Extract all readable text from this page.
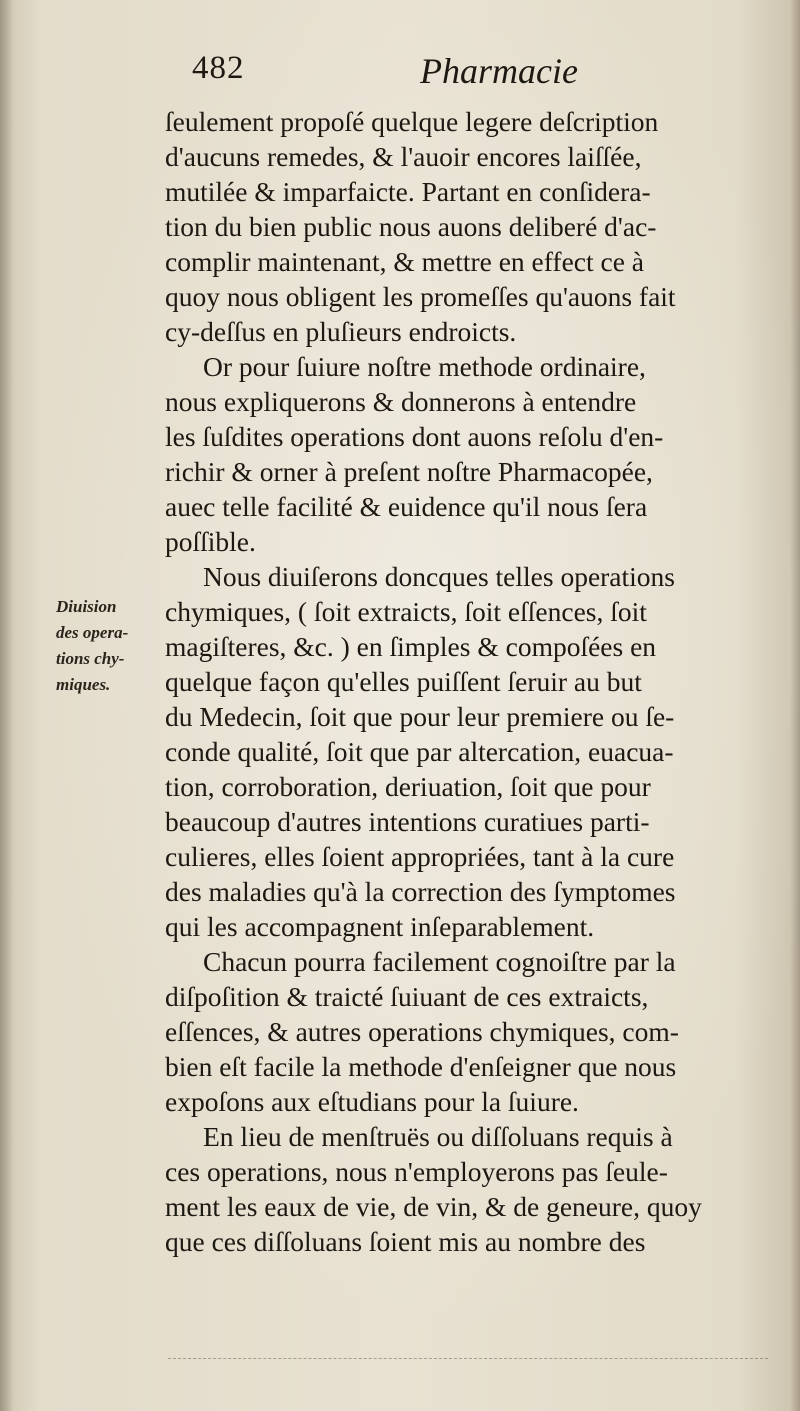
482	Pharmacie
Diuision
des opera-
tions chy-
miques.
ſeulement propoſé quelque legere deſcription
d'aucuns remedes, & l'auoir encores laiſſée,
mutilée & imparfaicte. Partant en conſidera-
tion du bien public nous auons deliberé d'ac-
complir maintenant, & mettre en effect ce à
quoy nous obligent les promeſſes qu'auons fait
cy-deſſus en pluſieurs endroicts.
Or pour ſuiure noſtre methode ordinaire,
nous expliquerons & donnerons à entendre
les ſuſdites operations dont auons reſolu d'en-
richir & orner à preſent noſtre Pharmacopée,
auec telle facilité & euidence qu'il nous ſera
poſſible.
Nous diuiſerons doncques telles operations
chymiques, ( ſoit extraicts, ſoit eſſences, ſoit
magiſteres, &c. ) en ſimples & compoſées en
quelque façon qu'elles puiſſent ſeruir au but
du Medecin, ſoit que pour leur premiere ou ſe-
conde qualité, ſoit que par altercation, euacua-
tion, corroboration, deriuation, ſoit que pour
beaucoup d'autres intentions curatiues parti-
culieres, elles ſoient appropriées, tant à la cure
des maladies qu'à la correction des ſymptomes
qui les accompagnent inſeparablement.
Chacun pourra facilement cognoiſtre par la
diſpoſition & traicté ſuiuant de ces extraicts,
eſſences, & autres operations chymiques, com-
bien eſt facile la methode d'enſeigner que nous
expoſons aux eſtudians pour la ſuiure.
En lieu de menſtruës ou diſſoluans requis à
ces operations, nous n'employerons pas ſeule-
ment les eaux de vie, de vin, & de geneure, quoy
que ces diſſoluans ſoient mis au nombre des
